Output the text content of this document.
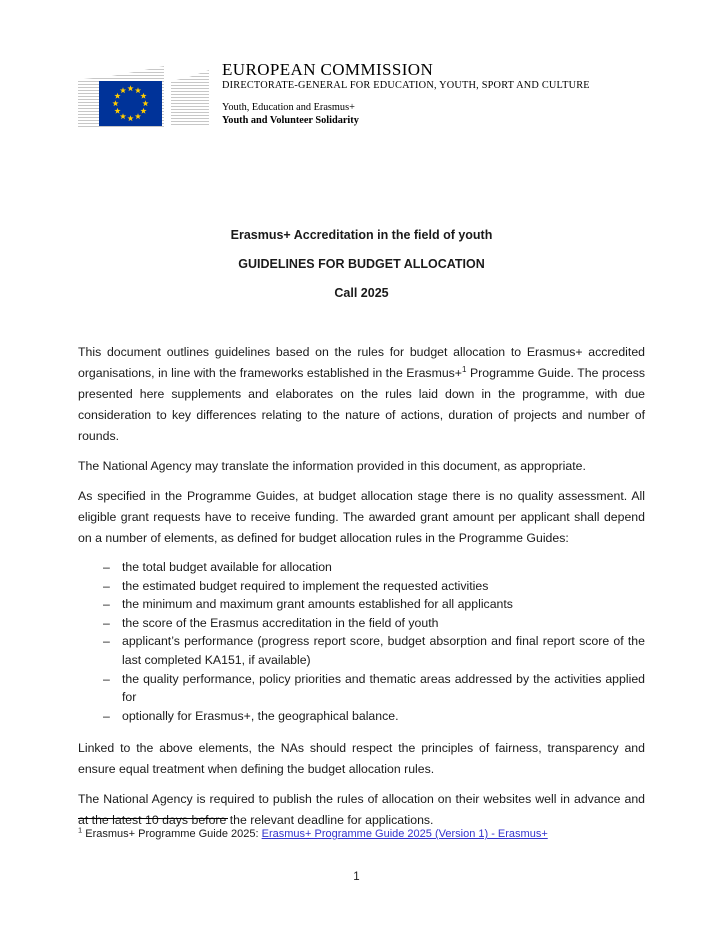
EUROPEAN COMMISSION
DIRECTORATE-GENERAL FOR EDUCATION, YOUTH, SPORT AND CULTURE
Youth, Education and Erasmus+
Youth and Volunteer Solidarity
Erasmus+ Accreditation in the field of youth
GUIDELINES FOR BUDGET ALLOCATION
Call 2025

This document outlines guidelines based on the rules for budget allocation to Erasmus+ accredited organisations, in line with the frameworks established in the Erasmus+$^1$ Programme Guide. The process presented here supplements and elaborates on the rules laid down in the programme, with due consideration to key differences relating to the nature of actions, duration of projects and number of rounds.

The National Agency may translate the information provided in this document, as appropriate.

As specified in the Programme Guides, at budget allocation stage there is no quality assessment. All eligible grant requests have to receive funding. The awarded grant amount per applicant shall depend on a number of elements, as defined for budget allocation rules in the Programme Guides:

– the total budget available for allocation
– the estimated budget required to implement the requested activities
– the minimum and maximum grant amounts established for all applicants
– the score of the Erasmus accreditation in the field of youth
– applicant’s performance (progress report score, budget absorption and final report score of the last completed KA151, if available)
– the quality performance, policy priorities and thematic areas addressed by the activities applied for
– optionally for Erasmus+, the geographical balance.

Linked to the above elements, the NAs should respect the principles of fairness, transparency and ensure equal treatment when defining the budget allocation rules.

The National Agency is required to publish the rules of allocation on their websites well in advance and at the latest 10 days before the relevant deadline for applications.

$^1$ Erasmus+ Programme Guide 2025: Erasmus+ Programme Guide 2025 (Version 1) - Erasmus+
1
